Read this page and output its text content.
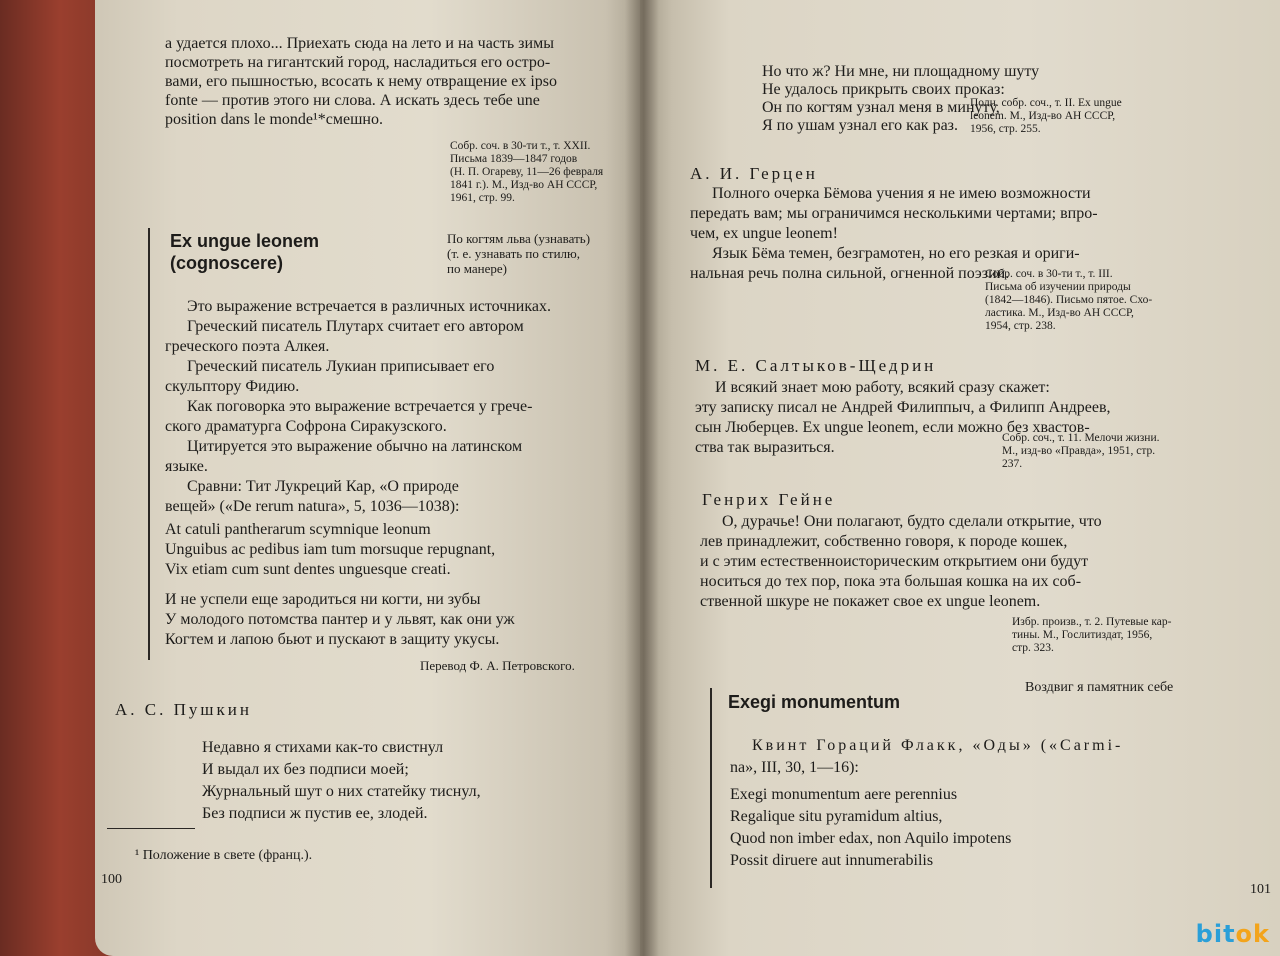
а удается плохо... Приехать сюда на лето и на часть зимы
посмотреть на гигантский город, насладиться его остро-
вами, его пышностью, всосать к нему отвращение ex ipso
fonte — против этого ни слова. А искать здесь тебе une
position dans le monde¹*смешно.
Собр. соч. в 30-ти т., т. XXII.
Письма 1839—1847 годов
(Н. П. Огареву, 11—26 февраля
1841 г.). М., Изд-во АН СССР,
1961, стр. 99.
Ex ungue leonem
(cognoscere)
По когтям льва (узнавать)
(т. е. узнавать по стилю,
по манере)
Это выражение встречается в различных источниках.
Греческий писатель Плутарх считает его автором
греческого поэта Алкея.
Греческий писатель Лукиан приписывает его
скульптору Фидию.
Как поговорка это выражение встречается у грече-
ского драматурга Софрона Сиракузского.
Цитируется это выражение обычно на латинском
языке.
Сравни: Тит Лукреций Кар, «О природе
вещей» («De rerum natura», 5, 1036—1038):
At catuli pantherarum scymnique leonum
Unguibus ac pedibus iam tum morsuque repugnant,
Vix etiam cum sunt dentes unguesque creati.
И не успели еще зародиться ни когти, ни зубы
У молодого потомства пантер и у львят, как они уж
Когтем и лапою бьют и пускают в защиту укусы.
Перевод Ф. А. Петровского.
А. С. Пушкин
Недавно я стихами как-то свистнул
И выдал их без подписи моей;
Журнальный шут о них статейку тиснул,
Без подписи ж пустив ее, злодей.
¹ Положение в свете (франц.).
100
Но что ж? Ни мне, ни площадному шуту
Не удалось прикрыть своих проказ:
Он по когтям узнал меня в минуту,
Я по ушам узнал его как раз.
Полн. собр. соч., т. II. Ex ungue
leonem. М., Изд-во АН СССР,
1956, стр. 255.
А. И. Герцен
Полного очерка Бёмова учения я не имею возможности
передать вам; мы ограничимся несколькими чертами; впро-
чем, ex ungue leonem!
Язык Бёма темен, безграмотен, но его резкая и ориги-
нальная речь полна сильной, огненной поэзии.
Собр. соч. в 30-ти т., т. III.
Письма об изучении природы
(1842—1846). Письмо пятое. Схо-
ластика. М., Изд-во АН СССР,
1954, стр. 238.
М. Е. Салтыков-Щедрин
И всякий знает мою работу, всякий сразу скажет:
эту записку писал не Андрей Филиппыч, а Филипп Андреев,
сын Люберцев. Ex ungue leonem, если можно без хвастов-
ства так выразиться.
Собр. соч., т. 11. Мелочи жизни.
М., изд-во «Правда», 1951, стр.
237.
Генрих Гейне
О, дурачье! Они полагают, будто сделали открытие, что
лев принадлежит, собственно говоря, к породе кошек,
и с этим естественноисторическим открытием они будут
носиться до тех пор, пока эта большая кошка на их соб-
ственной шкуре не покажет свое ex ungue leonem.
Избр. произв., т. 2. Путевые кар-
тины. М., Гослитиздат, 1956,
стр. 323.
Воздвиг я памятник себе
Exegi monumentum
Квинт Гораций Флакк, «Оды» («Carmi-
na», III, 30, 1—16):
Exegi monumentum aere perennius
Regalique situ pyramidum altius,
Quod non imber edax, non Aquilo impotens
Possit diruere aut innumerabilis
101
bitok
